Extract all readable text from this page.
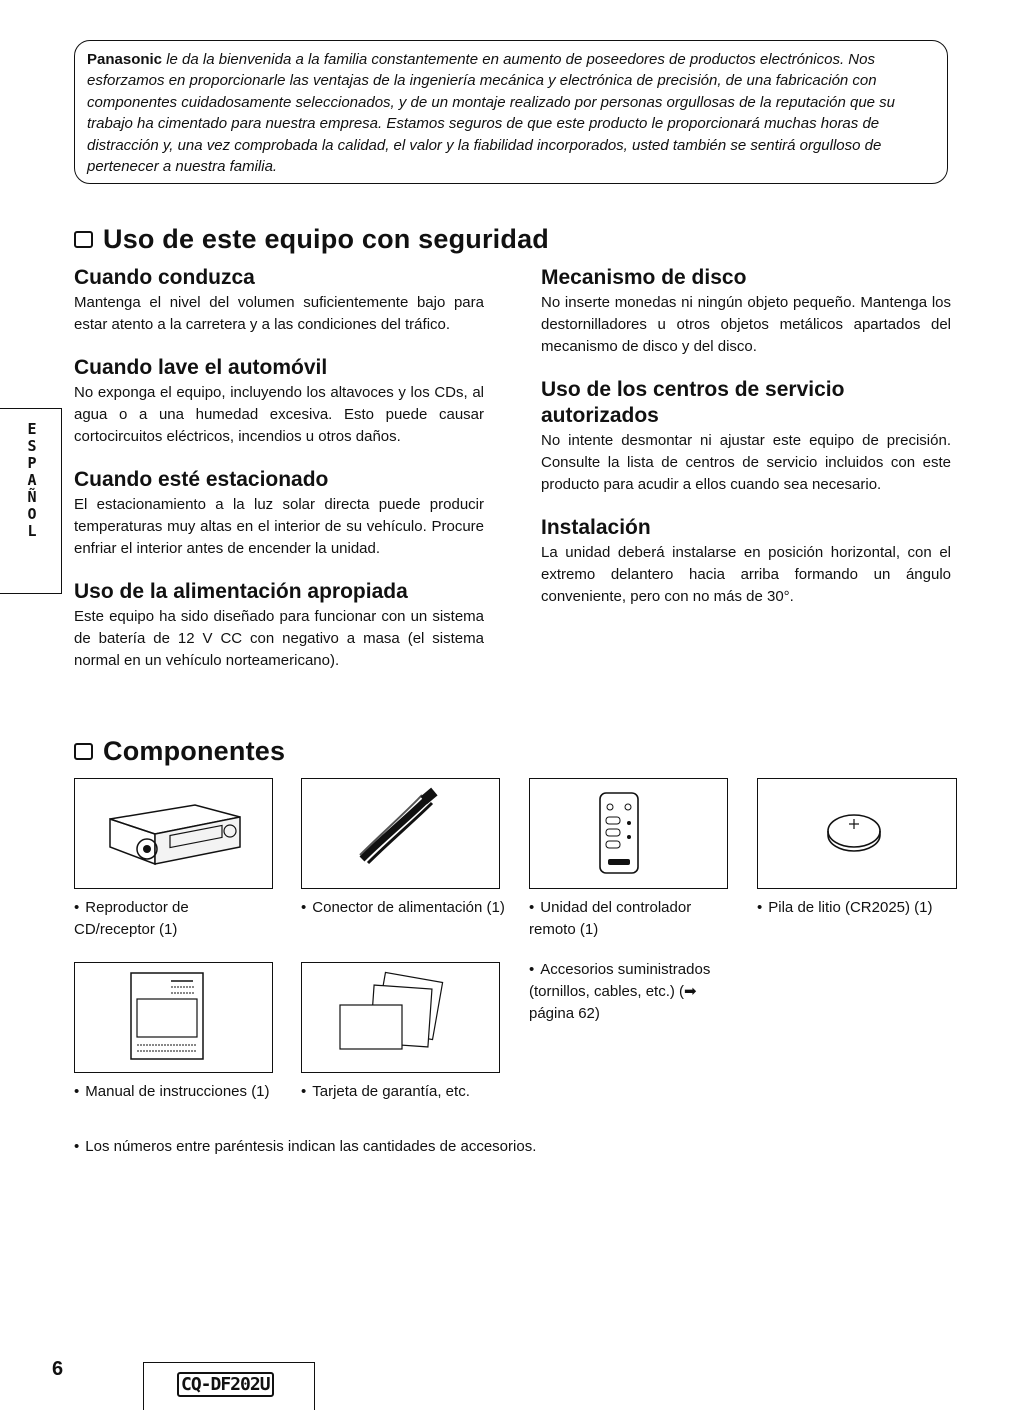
Panasonic le da la bienvenida a la familia constantemente en aumento de poseedores de productos electrónicos. Nos esforzamos en proporcionarle las ventajas de la ingeniería mecánica y electrónica de precisión, de una fabricación con componentes cuidadosamente seleccionados, y de un montaje realizado por personas orgullosas de la reputación que su trabajo ha cimentado para nuestra empresa. Estamos seguros de que este producto le proporcionará muchas horas de distracción y, una vez comprobada la calidad, el valor y la fiabilidad incorporados, usted también se sentirá orgulloso de pertenecer a nuestra familia.
Uso de este equipo con seguridad
Cuando conduzca

Mantenga el nivel del volumen suficientemente bajo para estar atento a la carretera y a las condiciones del tráfico.

Cuando lave el automóvil

No exponga el equipo, incluyendo los altavoces y los CDs, al agua o a una humedad excesiva. Esto puede causar cortocircuitos eléctricos, incendios u otros daños.

Cuando esté estacionado

El estacionamiento a la luz solar directa puede producir temperaturas muy altas en el interior de su vehículo. Procure enfriar el interior antes de encender la unidad.

Uso de la alimentación apropiada

Este equipo ha sido diseñado para funcionar con un sistema de batería de 12 V CC con negativo a masa (el sistema normal en un vehículo norteamericano).

Mecanismo de disco

No inserte monedas ni ningún objeto pequeño. Mantenga los destornilladores u otros objetos metálicos apartados del mecanismo de disco y del disco.

Uso de los centros de servicio autorizados

No intente desmontar ni ajustar este equipo de precisión. Consulte la lista de centros de servicio incluidos con este producto para acudir a ellos cuando sea necesario.

Instalación

La unidad deberá instalarse en posición horizontal, con el extremo delantero hacia arriba formando un ángulo conveniente, pero con no más de 30°.

E
S
P
A
Ñ
O
L
Componentes
• Reproductor de CD/receptor (1)
• Conector de alimentación (1)	• Unidad del controlador remoto (1)
• Pila de litio (CR2025) (1)
• Manual de instrucciones (1)	• Tarjeta de garantía, etc.
• Accesorios suministrados (tornillos, cables, etc.) (➡ página 62)
• Los números entre paréntesis indican las cantidades de accesorios.
6
CQ-DF202U
